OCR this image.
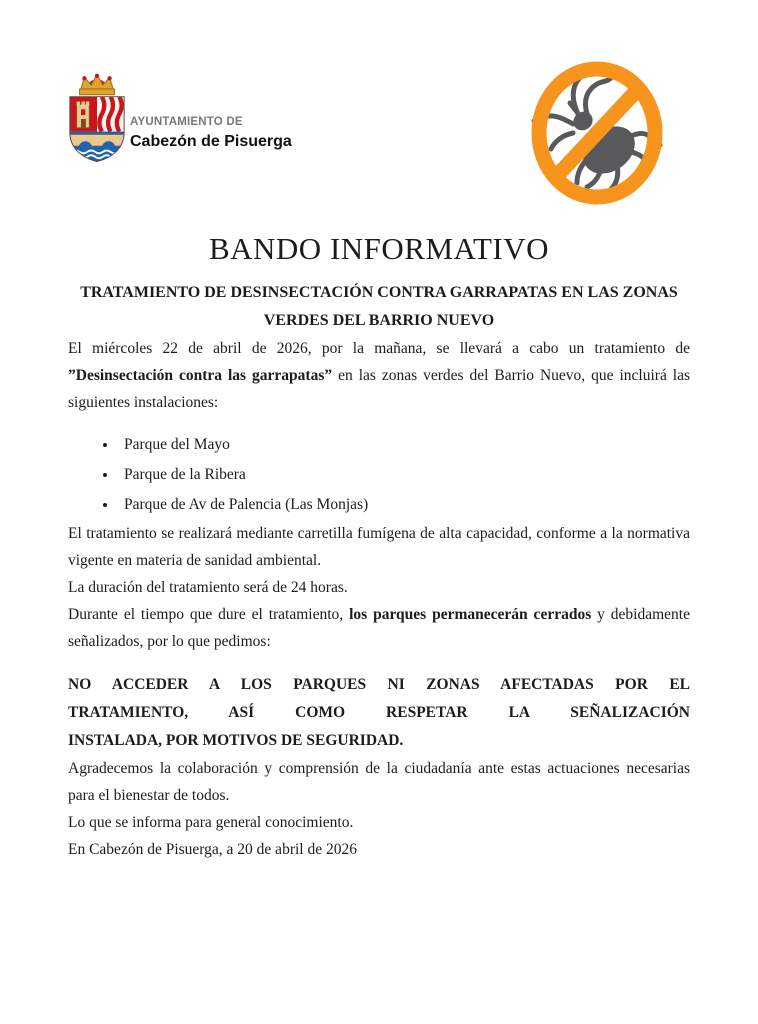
AYUNTAMIENTO DE
Cabezón de Pisuerga
BANDO INFORMATIVO
TRATAMIENTO DE DESINSECTACIÓN CONTRA GARRAPATAS EN LAS ZONAS VERDES DEL BARRIO NUEVO

El miércoles 22 de abril de 2026, por la mañana, se llevará a cabo un tratamiento de ”Desinsectación contra las garrapatas” en las zonas verdes del Barrio Nuevo, que incluirá las siguientes instalaciones:

• Parque del Mayo
• Parque de la Ribera
• Parque de Av de Palencia (Las Monjas)

El tratamiento se realizará mediante carretilla fumígena de alta capacidad, conforme a la normativa vigente en materia de sanidad ambiental.

La duración del tratamiento será de 24 horas.

Durante el tiempo que dure el tratamiento, los parques permanecerán cerrados y debidamente señalizados, por lo que pedimos:

NO ACCEDER A LOS PARQUES NI ZONAS AFECTADAS POR EL
TRATAMIENTO, ASÍ COMO RESPETAR LA SEÑALIZACIÓN
INSTALADA, POR MOTIVOS DE SEGURIDAD.

Agradecemos la colaboración y comprensión de la ciudadanía ante estas actuaciones necesarias para el bienestar de todos.

Lo que se informa para general conocimiento.

En Cabezón de Pisuerga, a 20 de abril de 2026
